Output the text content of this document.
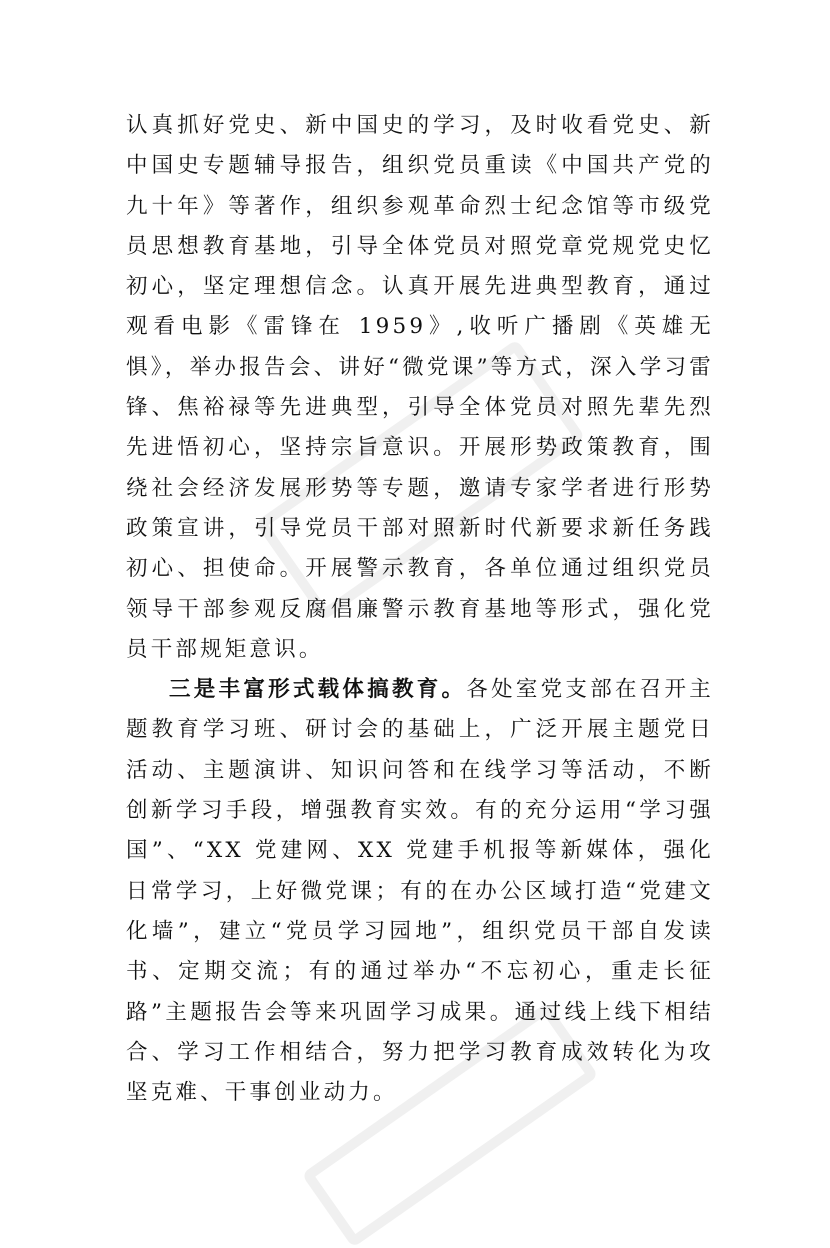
认真抓好党史、新中国史的学习，及时收看党史、新中国史专题辅导报告，组织党员重读《中国共产党的九十年》等著作，组织参观革命烈士纪念馆等市级党员思想教育基地，引导全体党员对照党章党规党史忆初心，坚定理想信念。认真开展先进典型教育，通过观看电影《雷锋在 1959》,收听广播剧《英雄无惧》，举办报告会、讲好“微党课”等方式，深入学习雷锋、焦裕禄等先进典型，引导全体党员对照先辈先烈先进悟初心，坚持宗旨意识。开展形势政策教育，围绕社会经济发展形势等专题，邀请专家学者进行形势政策宣讲，引导党员干部对照新时代新要求新任务践初心、担使命。开展警示教育，各单位通过组织党员领导干部参观反腐倡廉警示教育基地等形式，强化党员干部规矩意识。

三是丰富形式载体搞教育。各处室党支部在召开主题教育学习班、研讨会的基础上，广泛开展主题党日活动、主题演讲、知识问答和在线学习等活动，不断创新学习手段，增强教育实效。有的充分运用“学习强国”、“XX 党建网、XX 党建手机报等新媒体，强化日常学习，上好微党课；有的在办公区域打造“党建文化墙”，建立“党员学习园地”，组织党员干部自发读书、定期交流；有的通过举办“不忘初心，重走长征路”主题报告会等来巩固学习成果。通过线上线下相结合、学习工作相结合，努力把学习教育成效转化为攻坚克难、干事创业动力。
